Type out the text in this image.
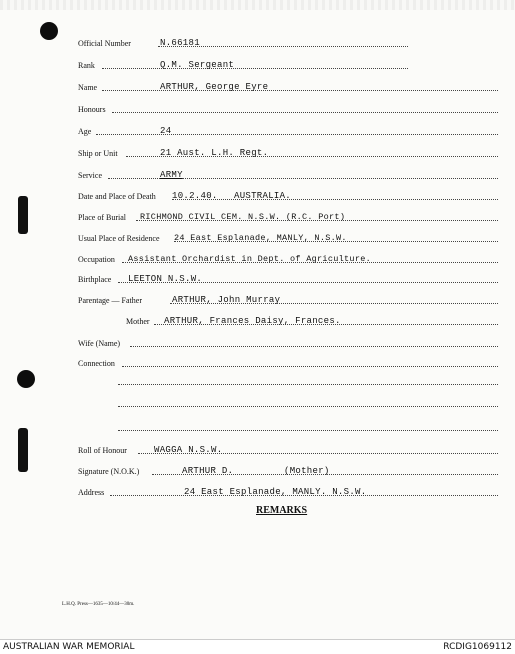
Official Number	N.66181
Rank	Q.M. Sergeant
Name	ARTHUR, George Eyre
Honours
Age	24
Ship or Unit	21 Aust. L.H. Regt.
Service	ARMY
Date and Place of Death 10.2.40. AUSTRALIA.
Place of Burial RICHMOND CIVIL CEM. N.S.W. (R.C. Port)
Usual Place of Residence 24 East Esplanade, MANLY, N.S.W.
Occupation Assistant Orchardist in Dept. of Agriculture.
Birthplace LEETON N.S.W.
Parentage — Father	ARTHUR, John Murray
Mother ARTHUR, Frances Daisy, Frances.
Wife (Name)
Connection
Roll of Honour	WAGGA N.S.W.
Signature (N.O.K.)	ARTHUR D.	(Mother)
Address	24 East Esplanade, MANLY. N.S.W.
REMARKS
L.H.Q. Press—1635—10/44—30m.
AUSTRALIAN WAR MEMORIAL	RCDIG1069112
